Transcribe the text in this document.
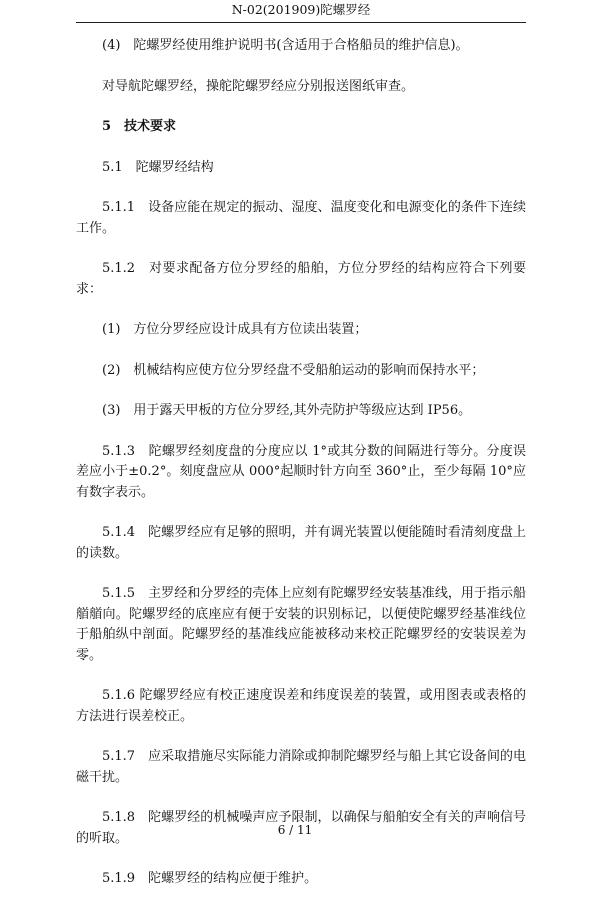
N-02(201909)陀螺罗经
(4)　陀螺罗经使用维护说明书(含适用于合格船员的维护信息)。
对导航陀螺罗经，操舵陀螺罗经应分别报送图纸审查。
5　技术要求
5.1　陀螺罗经结构
5.1.1　设备应能在规定的振动、湿度、温度变化和电源变化的条件下连续工作。
5.1.2　对要求配备方位分罗经的船舶，方位分罗经的结构应符合下列要求：
(1)　方位分罗经应设计成具有方位读出装置；
(2)　机械结构应使方位分罗经盘不受船舶运动的影响而保持水平；
(3)　用于露天甲板的方位分罗经,其外壳防护等级应达到 IP56。
5.1.3　陀螺罗经刻度盘的分度应以 1°或其分数的间隔进行等分。分度误差应小于±0.2°。刻度盘应从 000°起顺时针方向至 360°止，至少每隔 10°应有数字表示。
5.1.4　陀螺罗经应有足够的照明，并有调光装置以便能随时看清刻度盘上的读数。
5.1.5　主罗经和分罗经的壳体上应刻有陀螺罗经安装基准线，用于指示船艏艏向。陀螺罗经的底座应有便于安装的识别标记，以便使陀螺罗经基准线位于船舶纵中剖面。陀螺罗经的基准线应能被移动来校正陀螺罗经的安装误差为零。
5.1.6 陀螺罗经应有校正速度误差和纬度误差的装置，或用图表或表格的方法进行误差校正。
5.1.7　应采取措施尽实际能力消除或抑制陀螺罗经与船上其它设备间的电磁干扰。
5.1.8　陀螺罗经的机械噪声应予限制，以确保与船舶安全有关的声响信号的听取。
5.1.9　陀螺罗经的结构应便于维护。
6 / 11
